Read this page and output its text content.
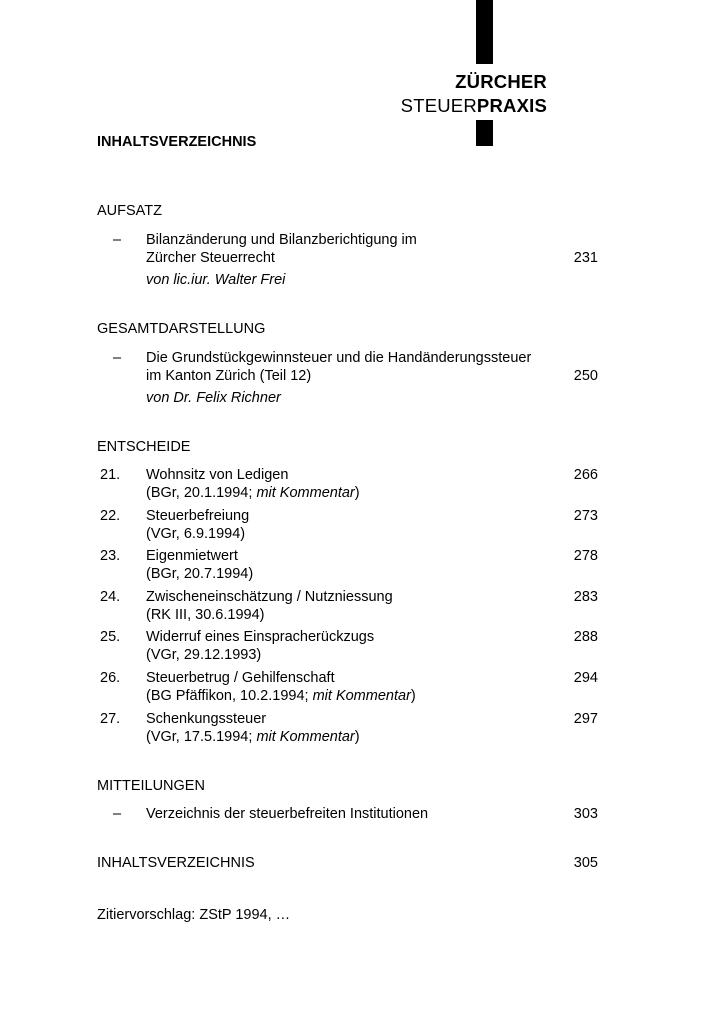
ZÜRCHER
STEUERPRAXIS
INHALTSVERZEICHNIS
AUFSATZ
–	Bilanzänderung und Bilanzberichtigung im
Zürcher Steuerrecht	231
von lic.iur. Walter Frei
GESAMTDARSTELLUNG
–	Die Grundstückgewinnsteuer und die Handänderungssteuer
im Kanton Zürich (Teil 12)	250
von Dr. Felix Richner
ENTSCHEIDE
21.	Wohnsitz von Ledigen	266
(BGr, 20.1.1994; mit Kommentar)
22.	Steuerbefreiung	273
(VGr, 6.9.1994)
23.	Eigenmietwert	278
(BGr, 20.7.1994)
24.	Zwischeneinschätzung / Nutzniessung	283
(RK III, 30.6.1994)
25.	Widerruf eines Einspracherückzugs	288
(VGr, 29.12.1993)
26.	Steuerbetrug / Gehilfenschaft	294
(BG Pfäffikon, 10.2.1994; mit Kommentar)
27.	Schenkungssteuer	297
(VGr, 17.5.1994; mit Kommentar)
MITTEILUNGEN
–	Verzeichnis der steuerbefreiten Institutionen	303
INHALTSVERZEICHNIS	305
Zitiervorschlag: ZStP 1994, …
